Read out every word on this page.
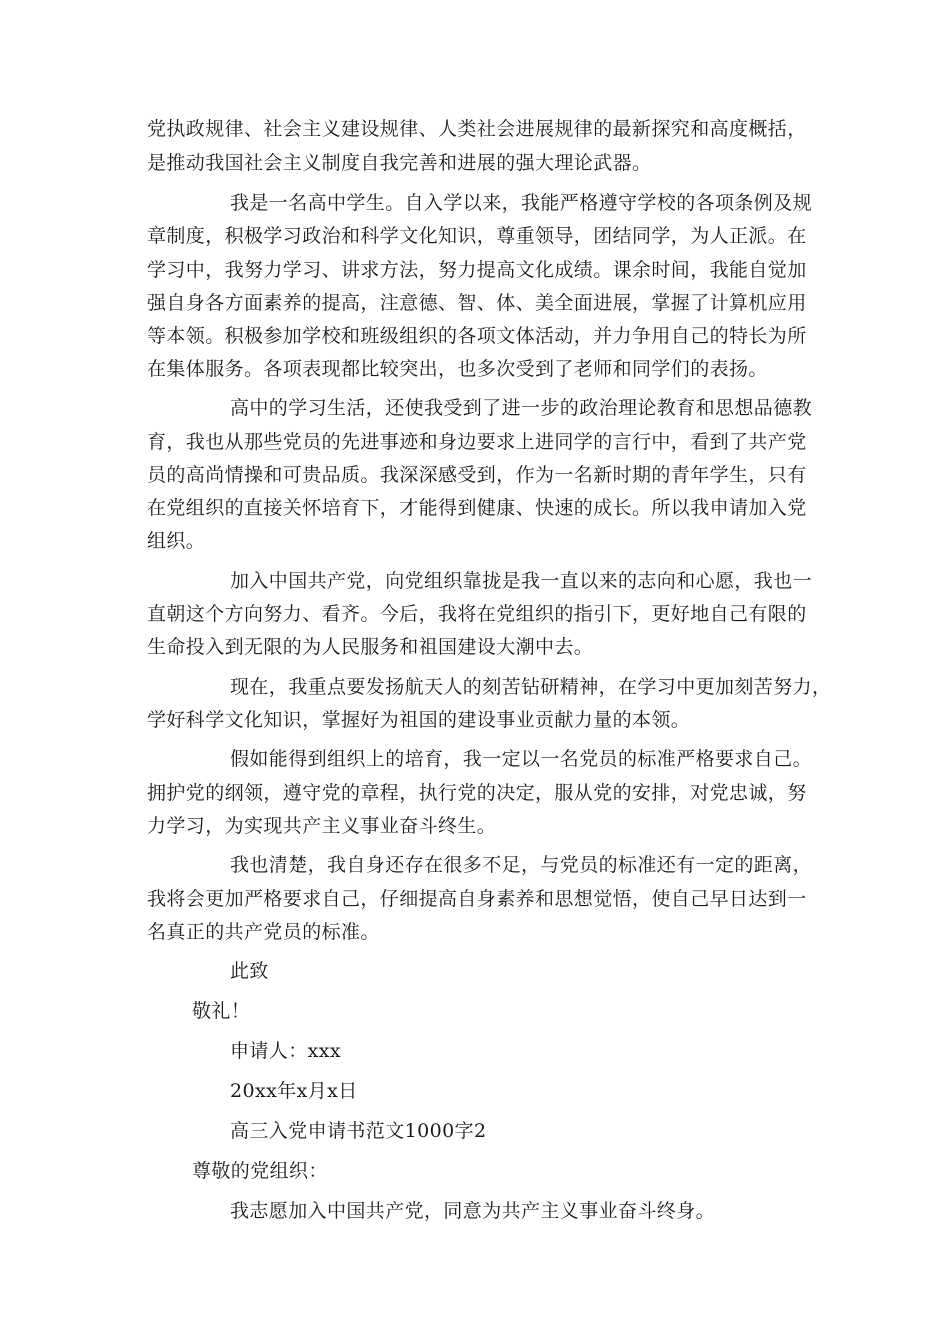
党执政规律、社会主义建设规律、人类社会进展规律的最新探究和高度概括，
是推动我国社会主义制度自我完善和进展的强大理论武器。
我是一名高中学生。自入学以来，我能严格遵守学校的各项条例及规
章制度，积极学习政治和科学文化知识，尊重领导，团结同学，为人正派。在
学习中，我努力学习、讲求方法，努力提高文化成绩。课余时间，我能自觉加
强自身各方面素养的提高，注意德、智、体、美全面进展，掌握了计算机应用
等本领。积极参加学校和班级组织的各项文体活动，并力争用自己的特长为所
在集体服务。各项表现都比较突出，也多次受到了老师和同学们的表扬。
高中的学习生活，还使我受到了进一步的政治理论教育和思想品德教
育，我也从那些党员的先进事迹和身边要求上进同学的言行中，看到了共产党
员的高尚情操和可贵品质。我深深感受到，作为一名新时期的青年学生，只有
在党组织的直接关怀培育下，才能得到健康、快速的成长。所以我申请加入党
组织。
加入中国共产党，向党组织靠拢是我一直以来的志向和心愿，我也一
直朝这个方向努力、看齐。今后，我将在党组织的指引下，更好地自己有限的
生命投入到无限的为人民服务和祖国建设大潮中去。
现在，我重点要发扬航天人的刻苦钻研精神，在学习中更加刻苦努力，
学好科学文化知识，掌握好为祖国的建设事业贡献力量的本领。
假如能得到组织上的培育，我一定以一名党员的标准严格要求自己。
拥护党的纲领，遵守党的章程，执行党的决定，服从党的安排，对党忠诚，努
力学习，为实现共产主义事业奋斗终生。
我也清楚，我自身还存在很多不足，与党员的标准还有一定的距离，
我将会更加严格要求自己，仔细提高自身素养和思想觉悟，使自己早日达到一
名真正的共产党员的标准。
此致
敬礼！
申请人：xxx
20xx年x月x日
高三入党申请书范文1000字2
尊敬的党组织：
我志愿加入中国共产党，同意为共产主义事业奋斗终身。
